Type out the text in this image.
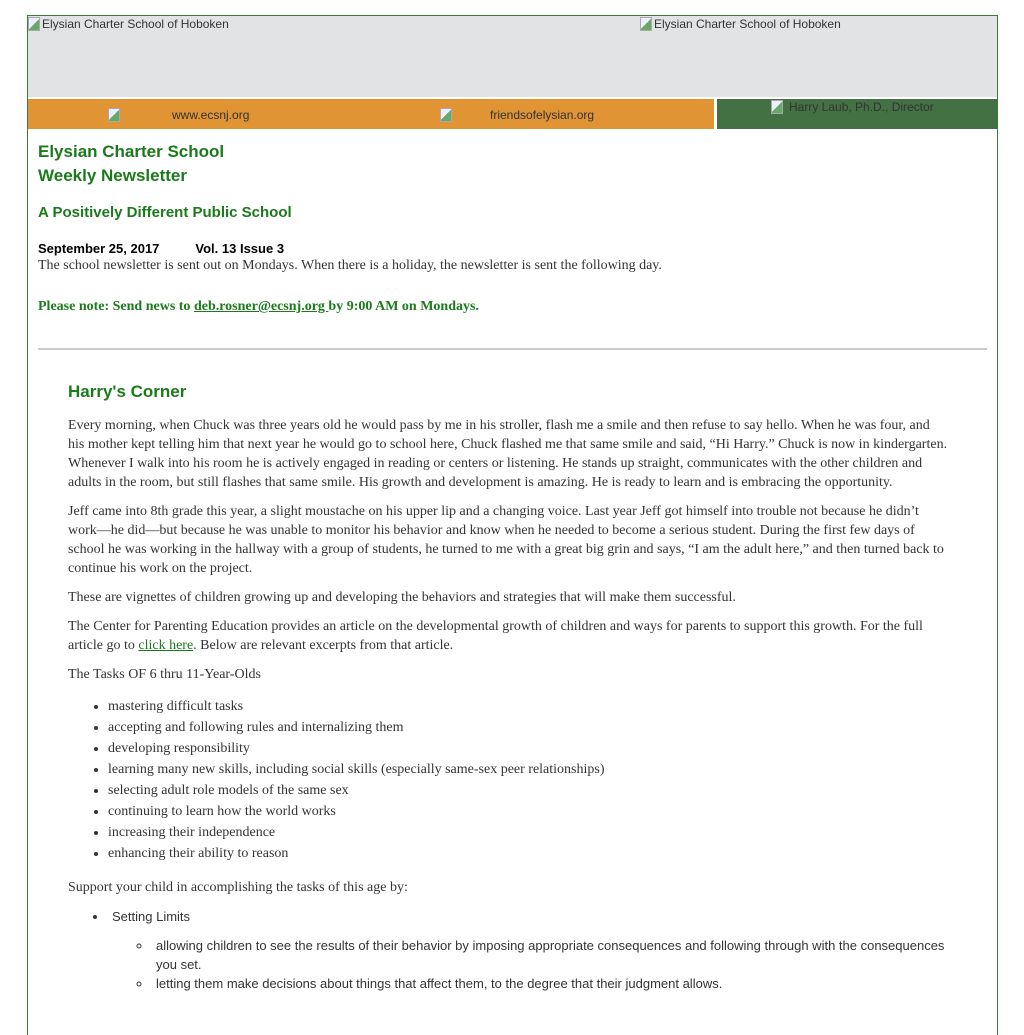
Elysian Charter School of Hoboken	Elysian Charter School of Hoboken
www.ecsnj.org	friendsofelysian.org
Harry Laub, Ph.D., Director
Elysian Charter School
Weekly Newsletter
A Positively Different Public School
September 25, 2017	Vol. 13 Issue 3

The school newsletter is sent out on Mondays. When there is a holiday, the newsletter is sent the following day.

Please note: Send news to deb.rosner@ecsnj.org by 9:00 AM on Mondays.

Harry's Corner

Every morning, when Chuck was three years old he would pass by me in his stroller, flash me a smile and then refuse to say hello. When he was four, and his mother kept telling him that next year he would go to school here, Chuck flashed me that same smile and said, “Hi Harry.” Chuck is now in kindergarten. Whenever I walk into his room he is actively engaged in reading or centers or listening. He stands up straight, communicates with the other children and adults in the room, but still flashes that same smile. His growth and development is amazing. He is ready to learn and is embracing the opportunity.

Jeff came into 8th grade this year, a slight moustache on his upper lip and a changing voice. Last year Jeff got himself into trouble not because he didn’t work—he did—but because he was unable to monitor his behavior and know when he needed to become a serious student. During the first few days of school he was working in the hallway with a group of students, he turned to me with a great big grin and says, “I am the adult here,” and then turned back to continue his work on the project.

These are vignettes of children growing up and developing the behaviors and strategies that will make them successful.

The Center for Parenting Education provides an article on the developmental growth of children and ways for parents to support this growth. For the full article go to click here. Below are relevant excerpts from that article.

The Tasks OF 6 thru 11-Year-Olds

• mastering difficult tasks
• accepting and following rules and internalizing them
• developing responsibility
• learning many new skills, including social skills (especially same-sex peer relationships)
• selecting adult role models of the same sex
• continuing to learn how the world works
• increasing their independence
• enhancing their ability to reason

Support your child in accomplishing the tasks of this age by:

• Setting Limits
◦ allowing children to see the results of their behavior by imposing appropriate consequences and following through with the consequences you set.
◦ letting them make decisions about things that affect them, to the degree that their judgment allows.
